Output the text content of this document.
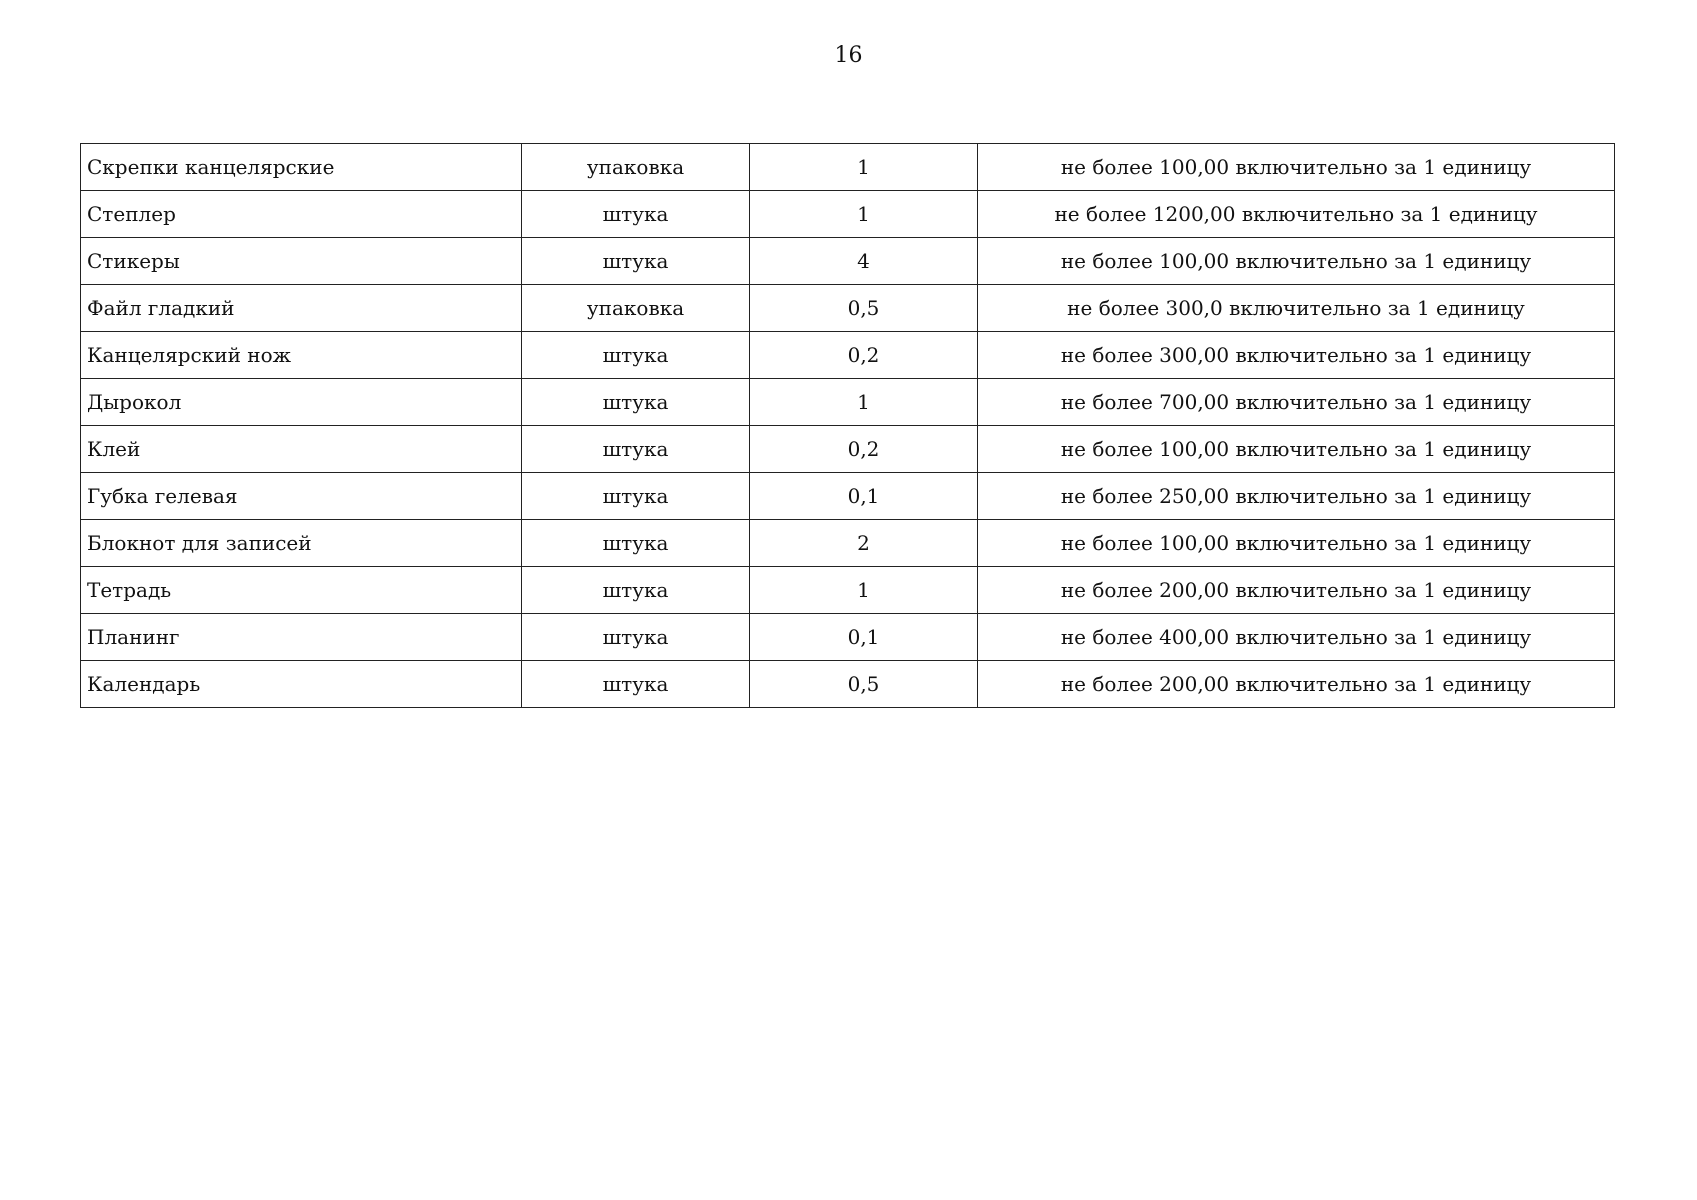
16
Скрепки канцелярские	упаковка	1	не более 100,00 включительно за 1 единицу
Степлер	штука	1	не более 1200,00 включительно за 1 единицу
Стикеры	штука	4	не более 100,00 включительно за 1 единицу
Файл гладкий	упаковка	0,5	не более 300,0 включительно за 1 единицу
Канцелярский нож	штука	0,2	не более 300,00 включительно за 1 единицу
Дырокол	штука	1	не более 700,00 включительно за 1 единицу
Клей	штука	0,2	не более 100,00 включительно за 1 единицу
Губка гелевая	штука	0,1	не более 250,00 включительно за 1 единицу
Блокнот для записей	штука	2	не более 100,00 включительно за 1 единицу
Тетрадь	штука	1	не более 200,00 включительно за 1 единицу
Планинг	штука	0,1	не более 400,00 включительно за 1 единицу
Календарь	штука	0,5	не более 200,00 включительно за 1 единицу
